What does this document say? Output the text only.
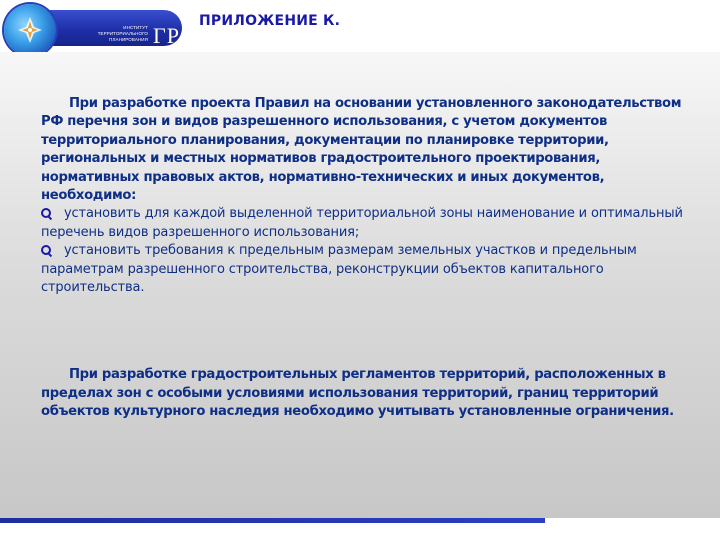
ИНСТИТУТ ТЕРРИТОРИАЛЬНОГО ПЛАНИРОВАНИЯ ГРАД
ПРИЛОЖЕНИЕ К.
При разработке проекта Правил на основании установленного законодательством РФ перечня зон и видов разрешенного использования, с учетом документов территориального планирования, документации по планировке территории, региональных и местных нормативов градостроительного проектирования, нормативных правовых актов, нормативно-технических и иных документов, необходимо:
установить для каждой выделенной территориальной зоны наименование и оптимальный перечень видов разрешенного использования;
установить требования к предельным размерам земельных участков и предельным параметрам разрешенного строительства, реконструкции объектов капитального строительства.
При разработке градостроительных регламентов территорий, расположенных в пределах зон с особыми условиями использования территорий, границ территорий объектов культурного наследия необходимо учитывать установленные ограничения.
